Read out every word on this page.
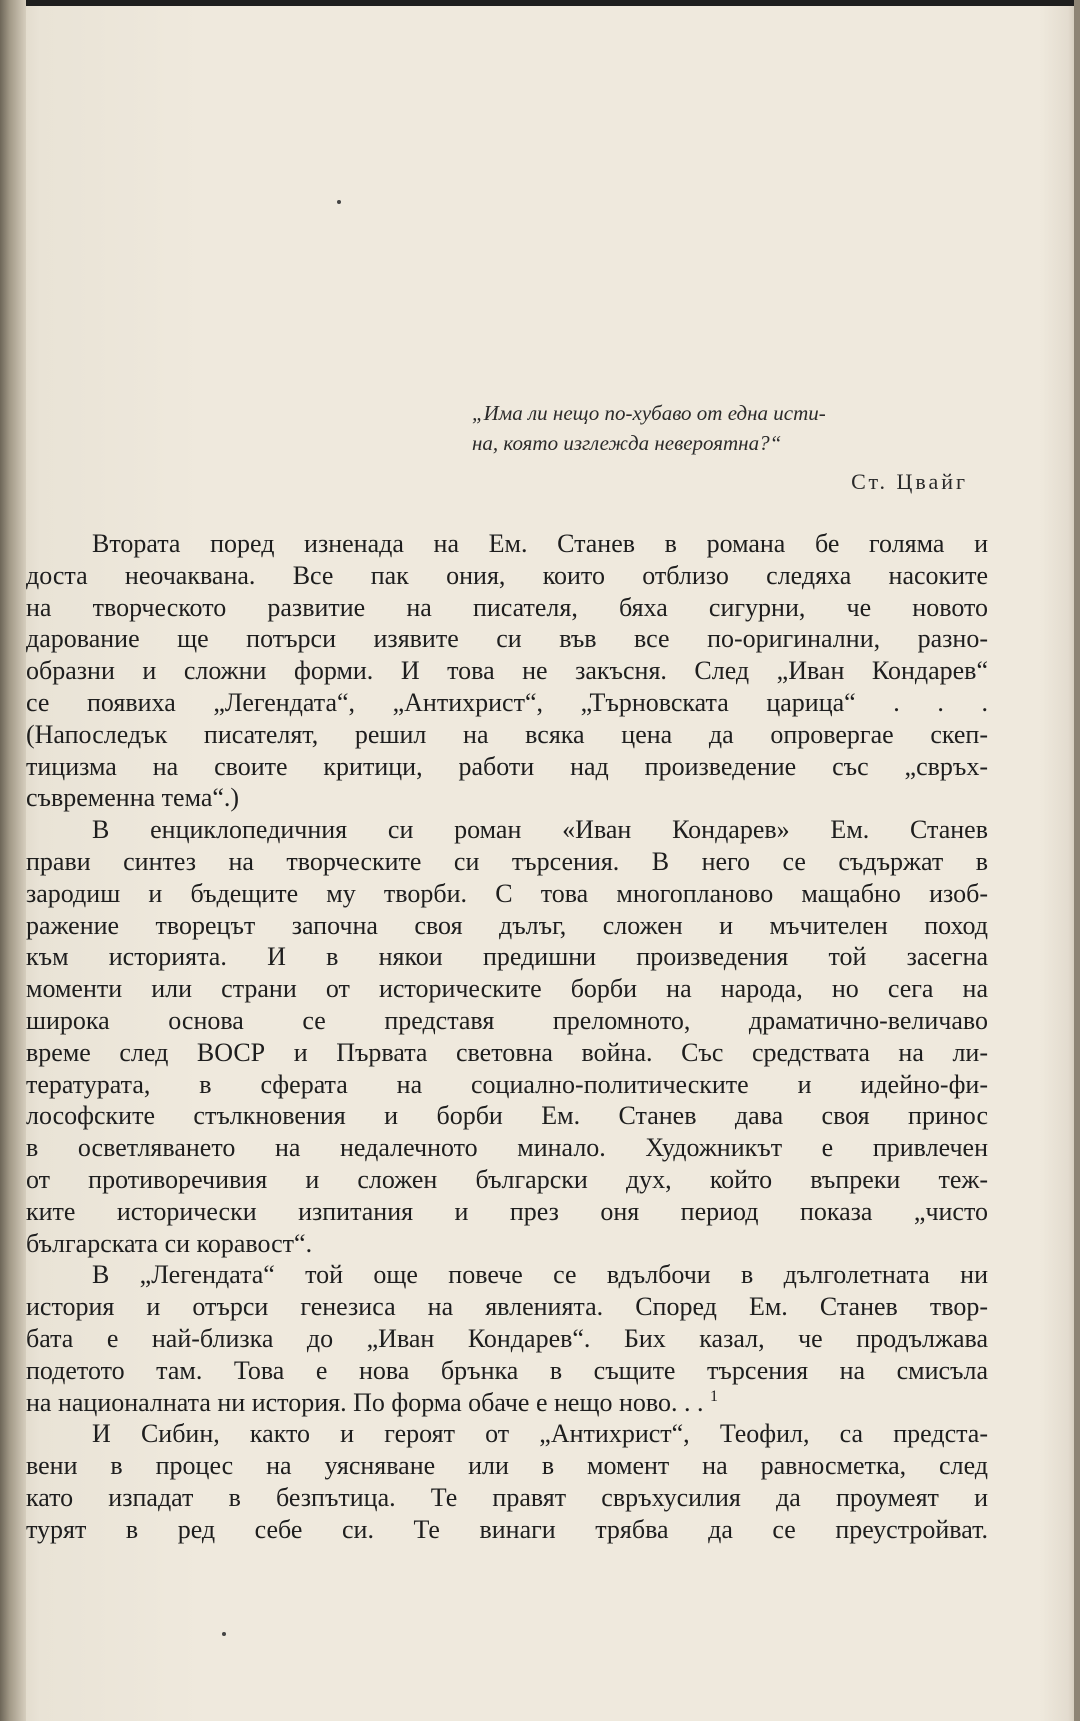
„Има ли нещо по-хубаво от една исти-
на, която изглежда невероятна?“
Ст. Цвайг
Втората поред изненада на Ем. Станев в романа бе голяма и
доста неочаквана. Все пак ония, които отблизо следяха насоките
на творческото развитие на писателя, бяха сигурни, че новото
дарование ще потърси изявите си във все по-оригинални, разно-
образни и сложни форми. И това не закъсня. След „Иван Кондарев“
се появиха „Легендата“, „Антихрист“, „Търновската царица“ . . .
(Напоследък писателят, решил на всяка цена да опровергае скеп-
тицизма на своите критици, работи над произведение със „свръх-
съвременна тема“.)
В енциклопедичния си роман «Иван Кондарев» Ем. Станев
прави синтез на творческите си търсения. В него се съдържат в
зародиш и бъдещите му творби. С това многопланово мащабно изоб-
ражение творецът започна своя дълъг, сложен и мъчителен поход
към историята. И в някои предишни произведения той засегна
моменти или страни от историческите борби на народа, но сега на
широка основа се представя преломното, драматично-величаво
време след ВОСР и Първата световна война. Със средствата на ли-
тературата, в сферата на социално-политическите и идейно-фи-
лософските стълкновения и борби Ем. Станев дава своя принос
в осветляването на недалечното минало. Художникът е привлечен
от противоречивия и сложен български дух, който въпреки теж-
ките исторически изпитания и през оня период показа „чисто
българската си коравост“.
В „Легендата“ той още повече се вдълбочи в дълголетната ни
история и отърси генезиса на явленията. Според Ем. Станев твор-
бата е най-близка до „Иван Кондарев“. Бих казал, че продължава
подетото там. Това е нова брънка в същите търсения на смисъла
на националната ни история. По форма обаче е нещо ново. . . $^1$
И Сибин, както и героят от „Антихрист“, Теофил, са предста-
вени в процес на уясняване или в момент на равносметка, след
като изпадат в безпътица. Те правят свръхусилия да проумеят и
турят в ред себе си. Те винаги трябва да се преустройват.
